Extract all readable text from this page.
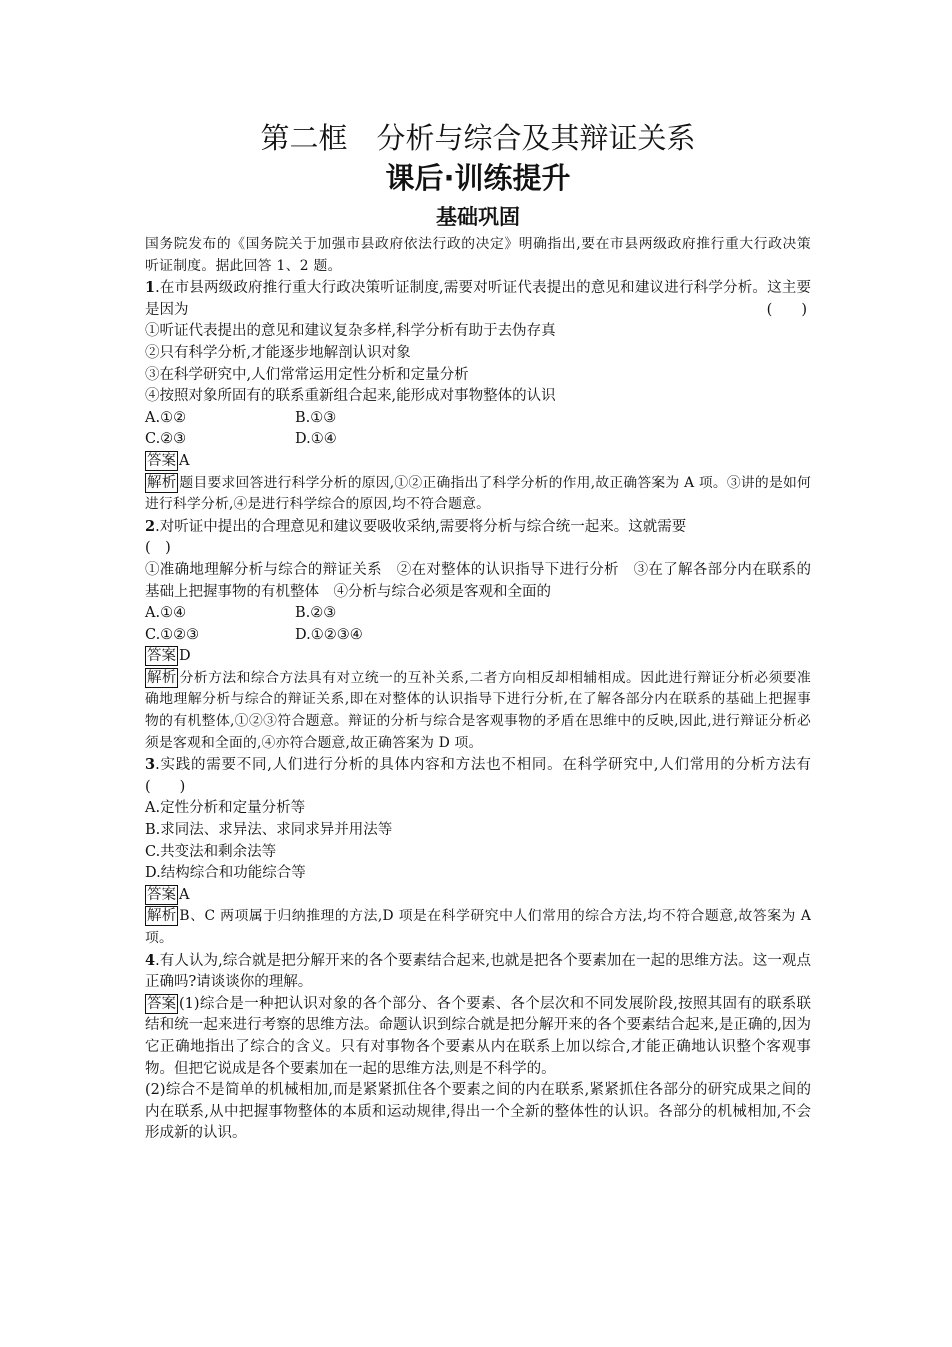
第二框　分析与综合及其辩证关系
课后·训练提升
基础巩固

国务院发布的《国务院关于加强市县政府依法行政的决定》明确指出,要在市县两级政府推行重大行政决策听证制度。据此回答 1、2 题。

1.在市县两级政府推行重大行政决策听证制度,需要对听证代表提出的意见和建议进行科学分析。这主要是因为	(　　)

①听证代表提出的意见和建议复杂多样,科学分析有助于去伪存真

②只有科学分析,才能逐步地解剖认识对象

③在科学研究中,人们常常运用定性分析和定量分析

④按照对象所固有的联系重新组合起来,能形成对事物整体的认识

A.①②	B.①③
C.②③	D.①④

答案 A

解析 题目要求回答进行科学分析的原因,①②正确指出了科学分析的作用,故正确答案为 A 项。③讲的是如何进行科学分析,④是进行科学综合的原因,均不符合题意。

2.对听证中提出的合理意见和建议要吸收采纳,需要将分析与综合统一起来。这就需要

(　)

①准确地理解分析与综合的辩证关系　②在对整体的认识指导下进行分析　③在了解各部分内在联系的基础上把握事物的有机整体　④分析与综合必须是客观和全面的

A.①④	B.②③
C.①②③	D.①②③④

答案 D

解析 分析方法和综合方法具有对立统一的互补关系,二者方向相反却相辅相成。因此进行辩证分析必须要准确地理解分析与综合的辩证关系,即在对整体的认识指导下进行分析,在了解各部分内在联系的基础上把握事物的有机整体,①②③符合题意。辩证的分析与综合是客观事物的矛盾在思维中的反映,因此,进行辩证分析必须是客观和全面的,④亦符合题意,故正确答案为 D 项。

3.实践的需要不同,人们进行分析的具体内容和方法也不相同。在科学研究中,人们常用的分析方法有(　　)

A.定性分析和定量分析等

B.求同法、求异法、求同求异并用法等

C.共变法和剩余法等

D.结构综合和功能综合等

答案 A

解析 B、C 两项属于归纳推理的方法,D 项是在科学研究中人们常用的综合方法,均不符合题意,故答案为 A 项。

4.有人认为,综合就是把分解开来的各个要素结合起来,也就是把各个要素加在一起的思维方法。这一观点正确吗?请谈谈你的理解。

答案 (1)综合是一种把认识对象的各个部分、各个要素、各个层次和不同发展阶段,按照其固有的联系联结和统一起来进行考察的思维方法。命题认识到综合就是把分解开来的各个要素结合起来,是正确的,因为它正确地指出了综合的含义。只有对事物各个要素从内在联系上加以综合,才能正确地认识整个客观事物。但把它说成是各个要素加在一起的思维方法,则是不科学的。

(2)综合不是简单的机械相加,而是紧紧抓住各个要素之间的内在联系,紧紧抓住各部分的研究成果之间的内在联系,从中把握事物整体的本质和运动规律,得出一个全新的整体性的认识。各部分的机械相加,不会形成新的认识。
